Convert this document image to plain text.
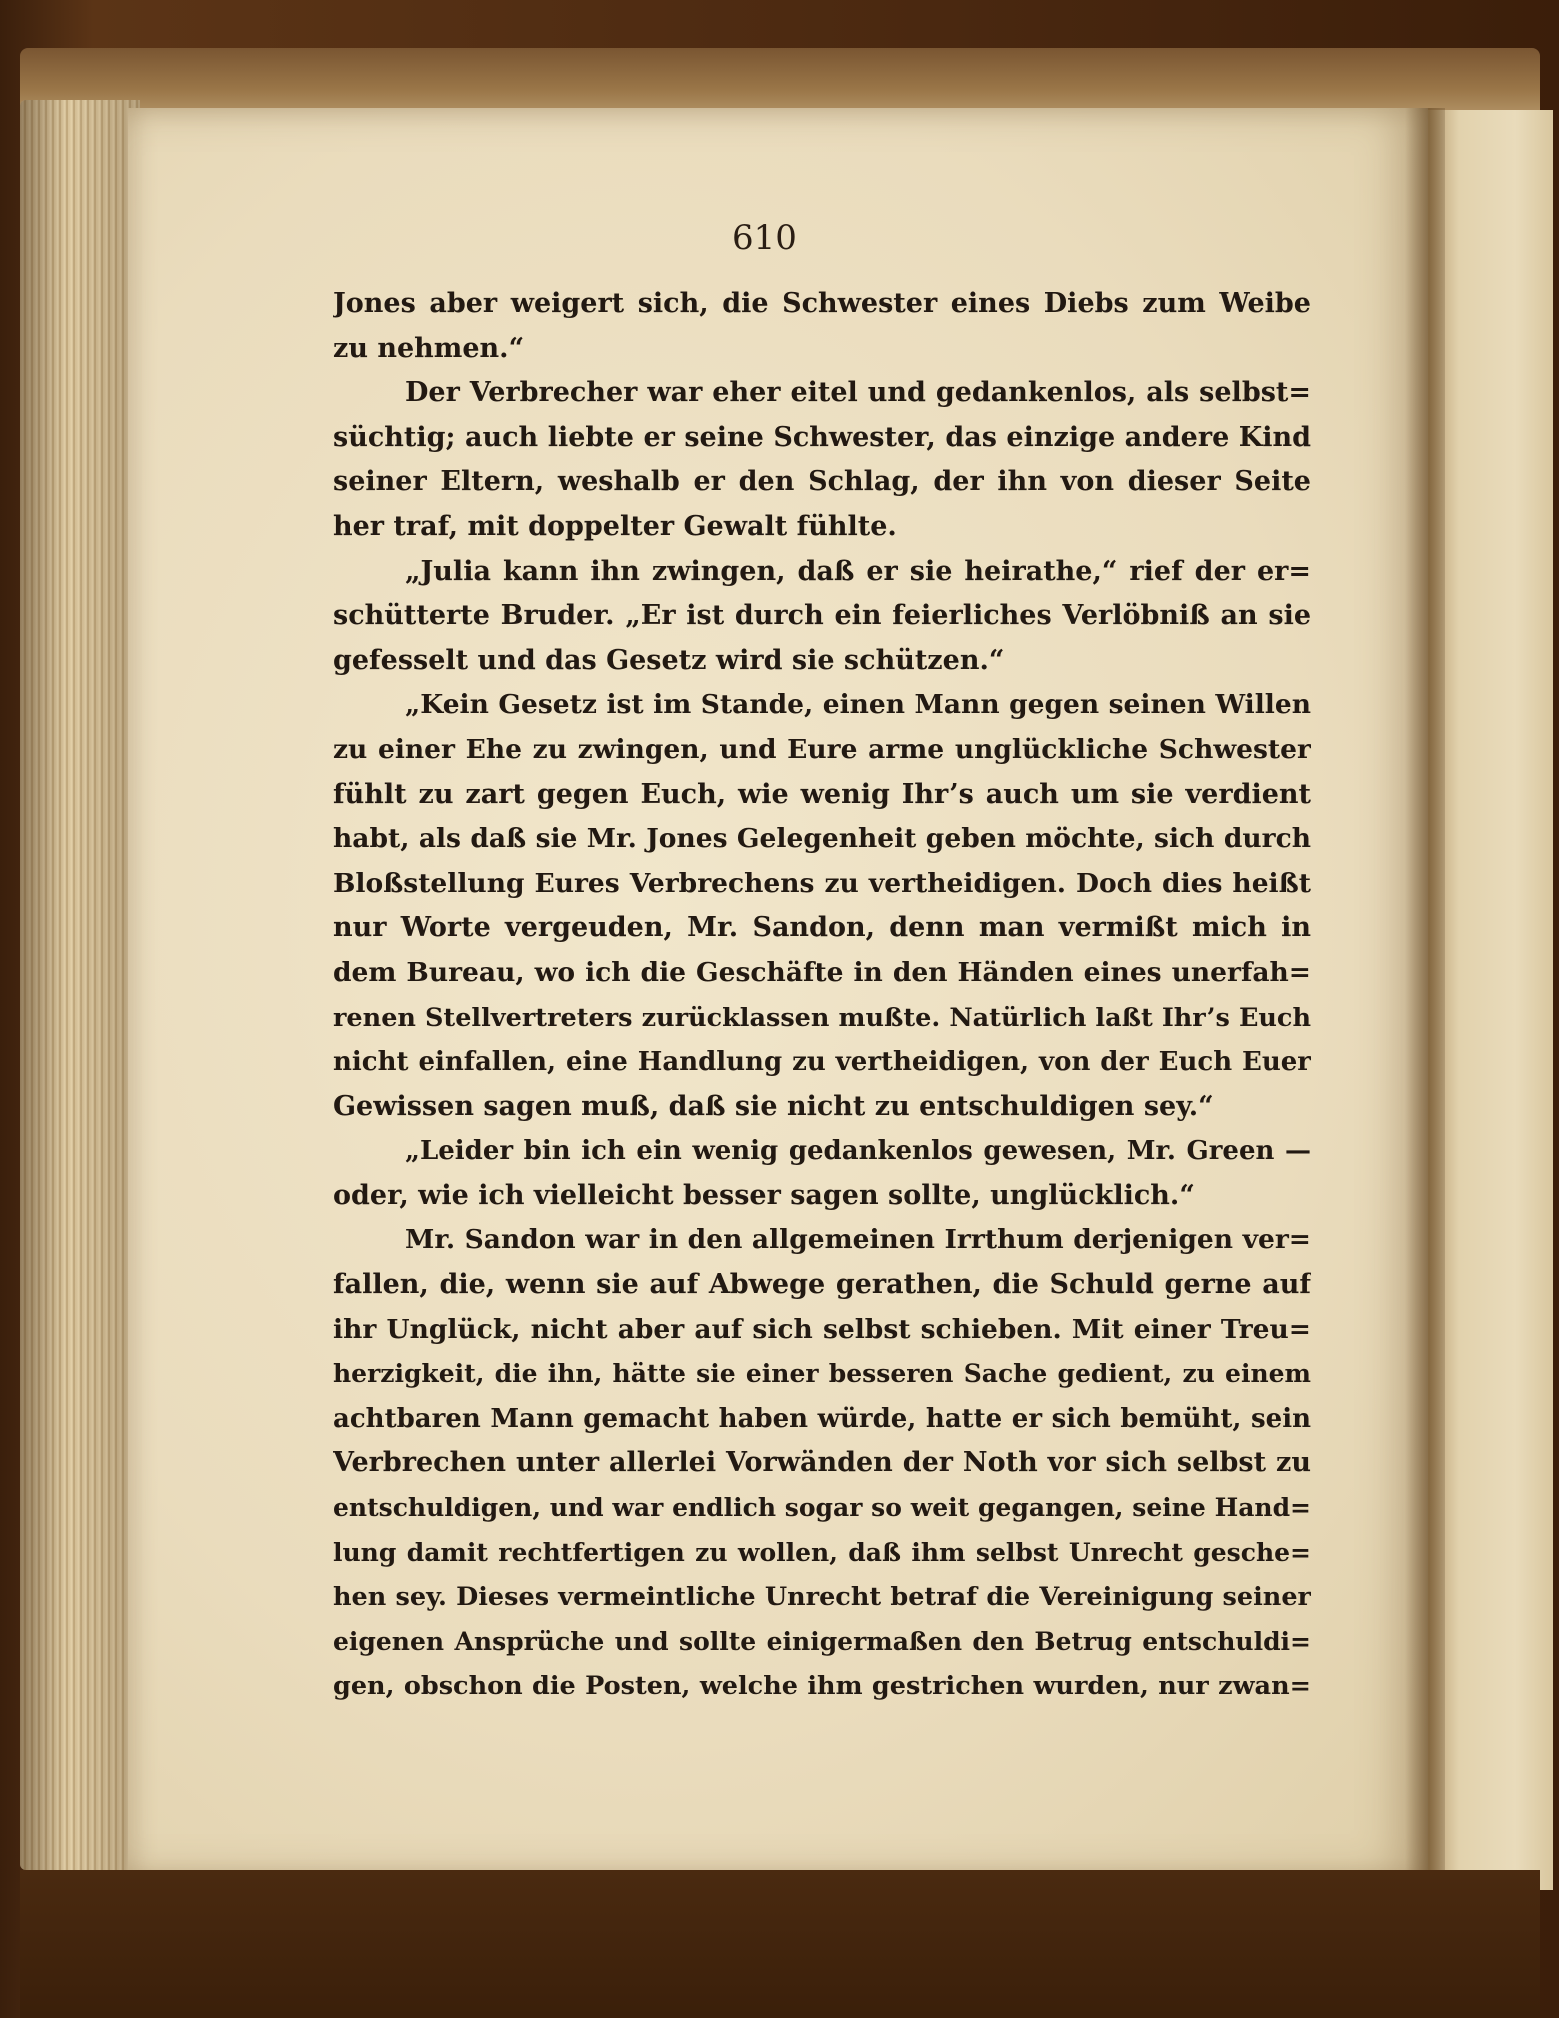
610
Jones aber weigert sich, die Schwester eines Diebs zum Weibe
zu nehmen.“
Der Verbrecher war eher eitel und gedankenlos, als selbst=
süchtig; auch liebte er seine Schwester, das einzige andere Kind
seiner Eltern, weshalb er den Schlag, der ihn von dieser Seite
her traf, mit doppelter Gewalt fühlte.
„Julia kann ihn zwingen, daß er sie heirathe,“ rief der er=
schütterte Bruder. „Er ist durch ein feierliches Verlöbniß an sie
gefesselt und das Gesetz wird sie schützen.“
„Kein Gesetz ist im Stande, einen Mann gegen seinen Willen
zu einer Ehe zu zwingen, und Eure arme unglückliche Schwester
fühlt zu zart gegen Euch, wie wenig Ihr’s auch um sie verdient
habt, als daß sie Mr. Jones Gelegenheit geben möchte, sich durch
Bloßstellung Eures Verbrechens zu vertheidigen. Doch dies heißt
nur Worte vergeuden, Mr. Sandon, denn man vermißt mich in
dem Bureau, wo ich die Geschäfte in den Händen eines unerfah=
renen Stellvertreters zurücklassen mußte. Natürlich laßt Ihr’s Euch
nicht einfallen, eine Handlung zu vertheidigen, von der Euch Euer
Gewissen sagen muß, daß sie nicht zu entschuldigen sey.“
„Leider bin ich ein wenig gedankenlos gewesen, Mr. Green —
oder, wie ich vielleicht besser sagen sollte, unglücklich.“
Mr. Sandon war in den allgemeinen Irrthum derjenigen ver=
fallen, die, wenn sie auf Abwege gerathen, die Schuld gerne auf
ihr Unglück, nicht aber auf sich selbst schieben. Mit einer Treu=
herzigkeit, die ihn, hätte sie einer besseren Sache gedient, zu einem
achtbaren Mann gemacht haben würde, hatte er sich bemüht, sein
Verbrechen unter allerlei Vorwänden der Noth vor sich selbst zu
entschuldigen, und war endlich sogar so weit gegangen, seine Hand=
lung damit rechtfertigen zu wollen, daß ihm selbst Unrecht gesche=
hen sey. Dieses vermeintliche Unrecht betraf die Vereinigung seiner
eigenen Ansprüche und sollte einigermaßen den Betrug entschuldi=
gen, obschon die Posten, welche ihm gestrichen wurden, nur zwan=
